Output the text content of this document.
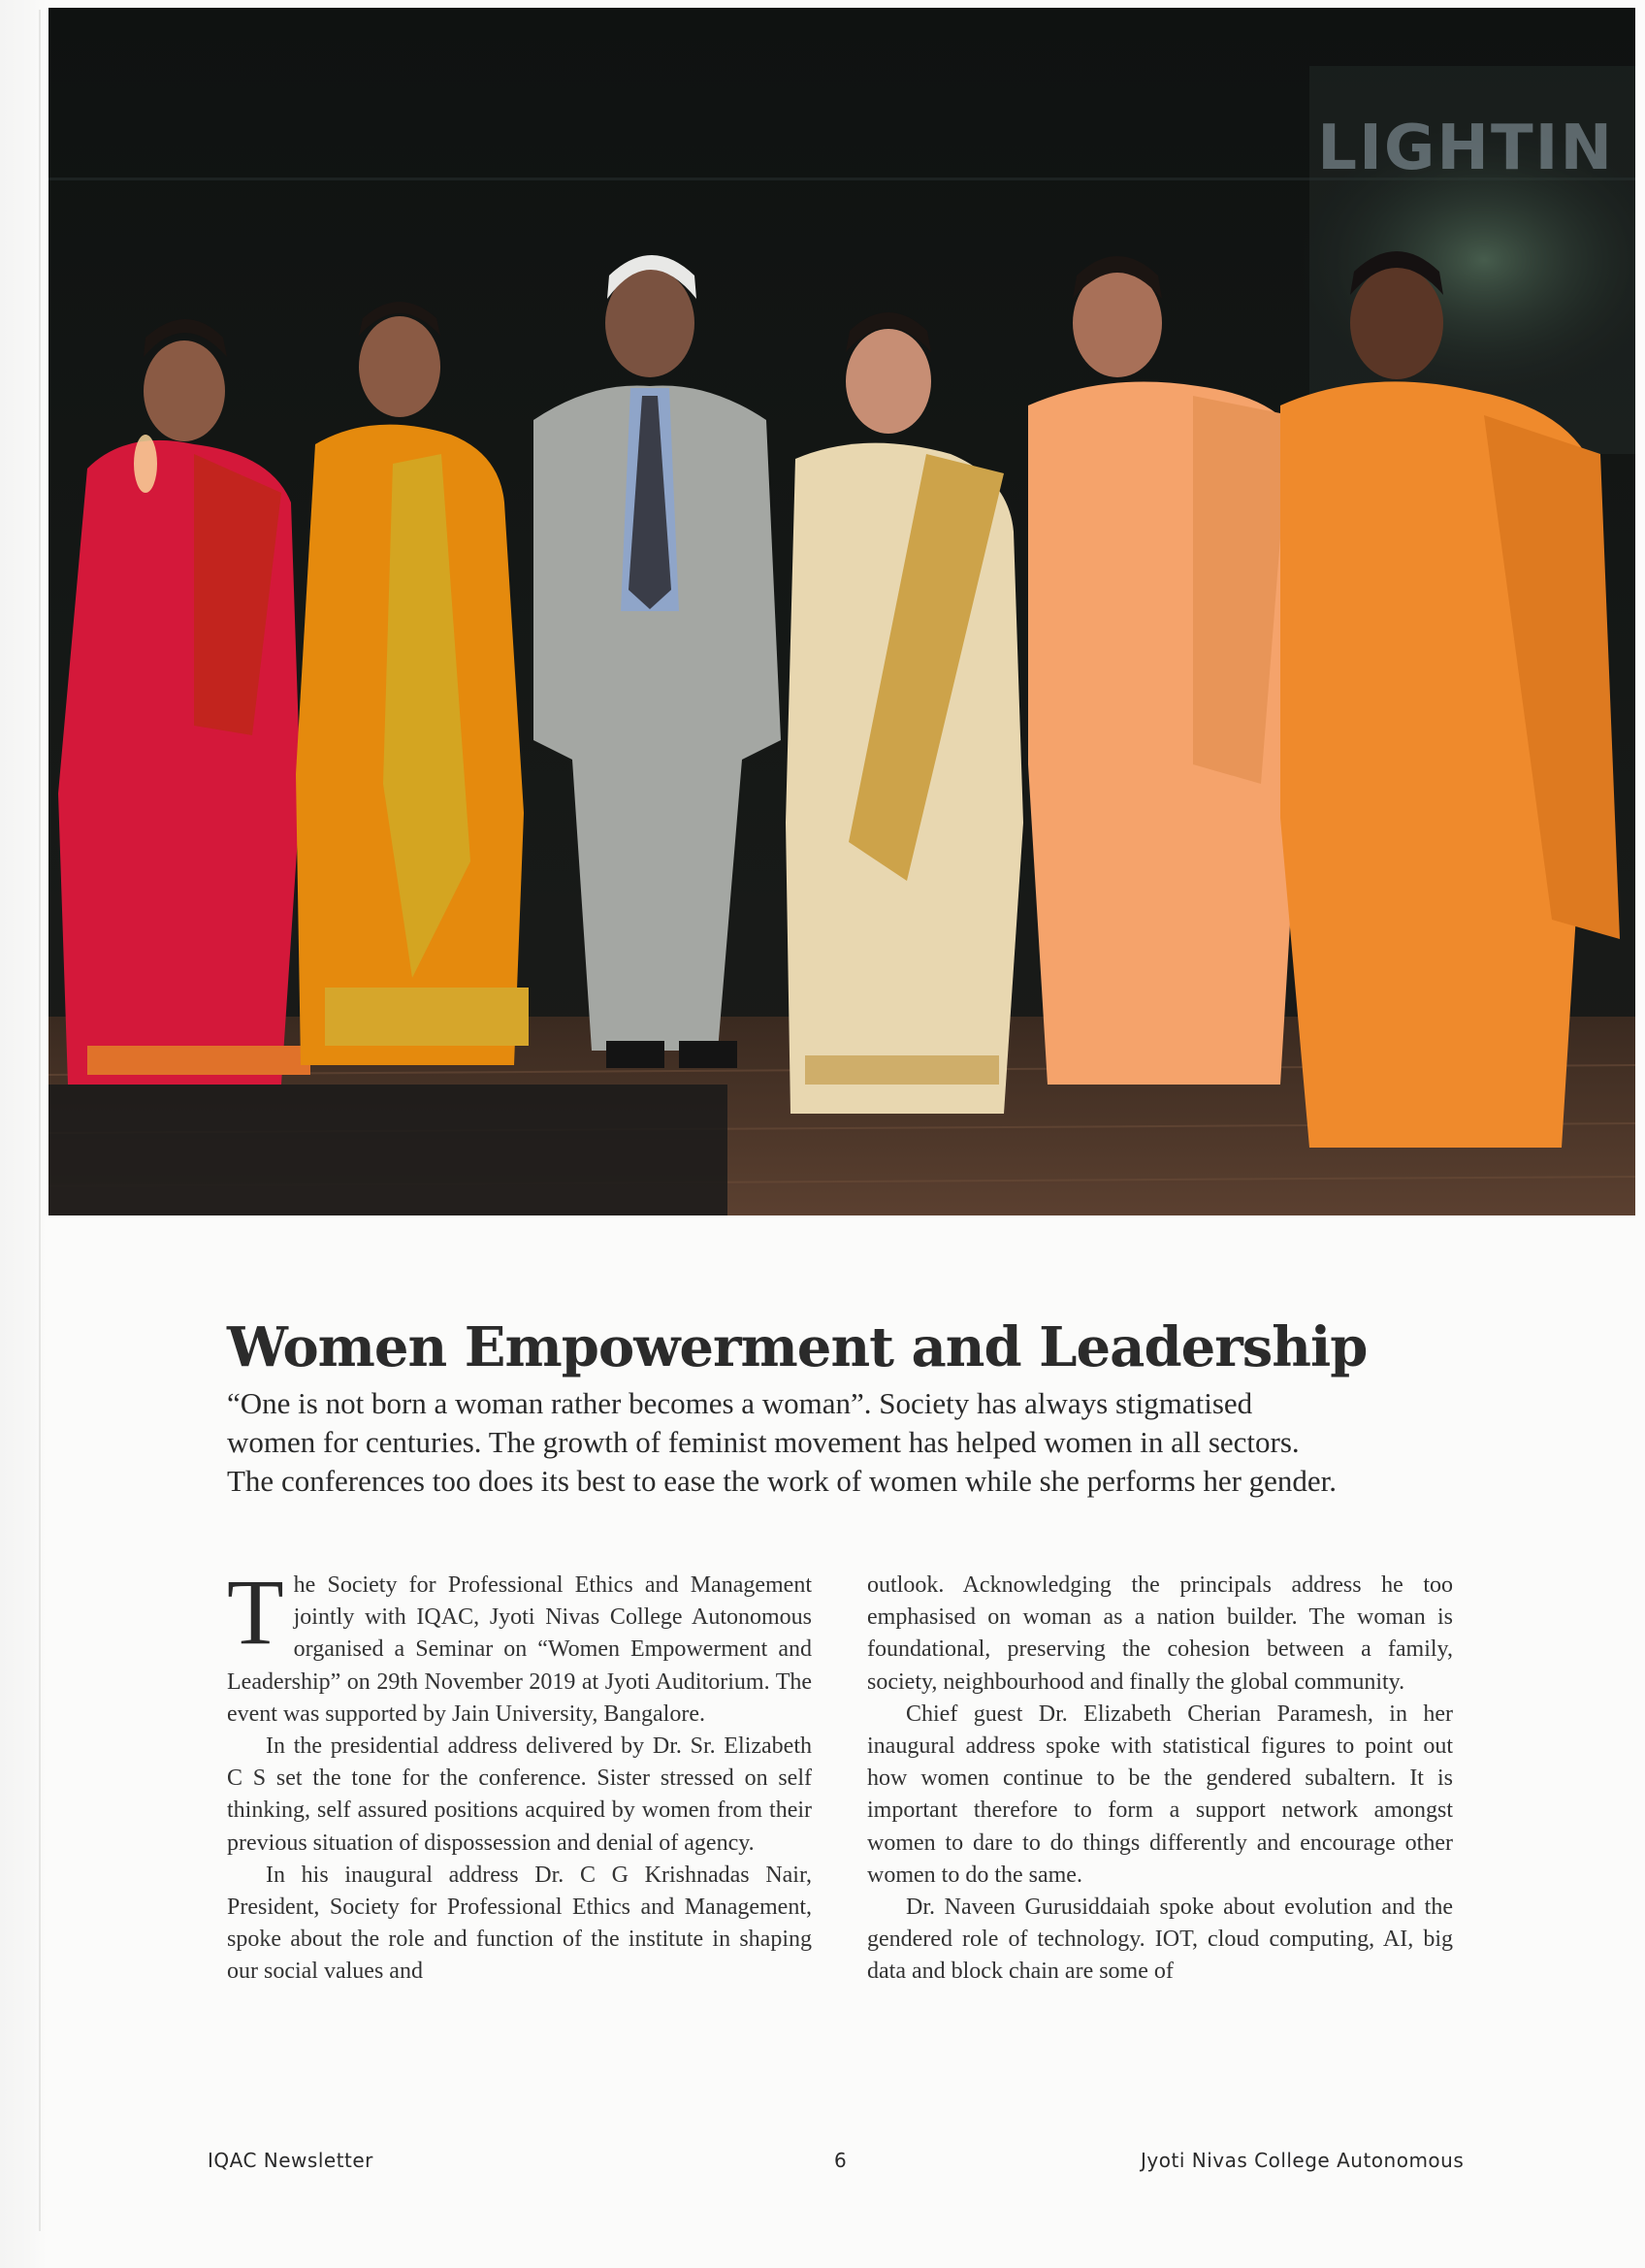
LIGHTIN
Women Empowerment and Leadership

“One is not born a woman rather becomes a woman”. Society has always stigmatised

women for centuries. The growth of feminist movement has helped women in all sectors.

The conferences too does its best to ease the work of women while she performs her gender.

The Society for Professional Ethics and Management jointly with IQAC, Jyoti Nivas College Autonomous organised a Seminar on “Women Empowerment and Leadership” on 29th November 2019 at Jyoti Auditorium. The event was supported by Jain University, Bangalore.

In the presidential address delivered by Dr. Sr. Elizabeth C S set the tone for the conference. Sister stressed on self thinking, self assured positions acquired by women from their previous situation of dispossession and denial of agency.

In his inaugural address Dr. C G Krishnadas Nair, President, Society for Professional Ethics and Management, spoke about the role and function of the institute in shaping our social values and

outlook. Acknowledging the principals address he too emphasised on woman as a nation builder. The woman is foundational, preserving the cohesion between a family, society, neighbourhood and finally the global community.

Chief guest Dr. Elizabeth Cherian Paramesh, in her inaugural address spoke with statistical figures to point out how women continue to be the gendered subaltern. It is important therefore to form a support network amongst women to dare to do things differently and encourage other women to do the same.

Dr. Naveen Gurusiddaiah spoke about evolution and the gendered role of technology. IOT, cloud computing, AI, big data and block chain are some of

IQAC Newsletter	6	Jyoti Nivas College Autonomous
